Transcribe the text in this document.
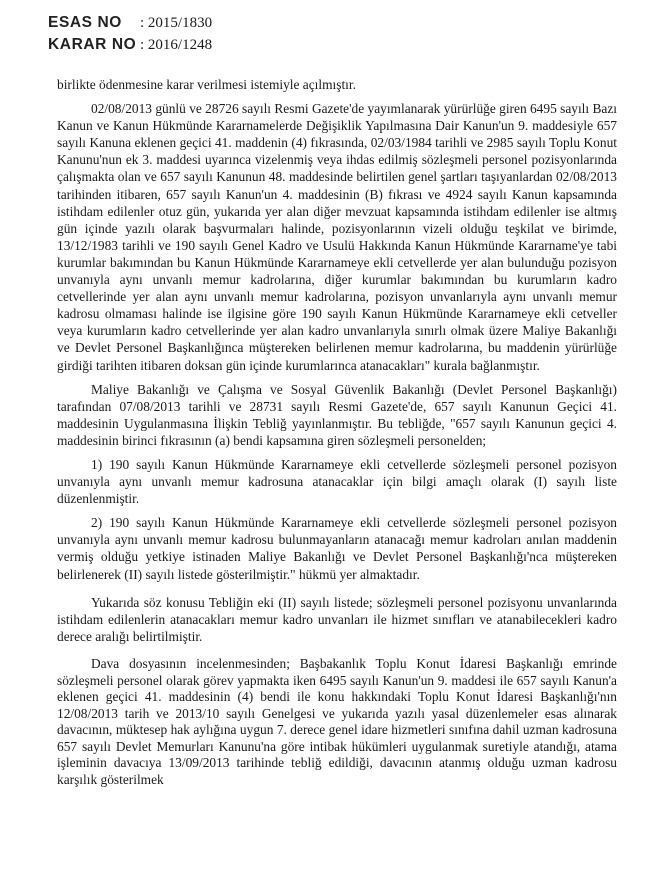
ESAS NO	: 2015/1830
KARAR NO : 2016/1248

birlikte ödenmesine karar verilmesi istemiyle açılmıştır.

02/08/2013 günlü ve 28726 sayılı Resmi Gazete'de yayımlanarak yürürlüğe giren 6495 sayılı Bazı Kanun ve Kanun Hükmünde Kararnamelerde Değişiklik Yapılmasına Dair Kanun'un 9. maddesiyle 657 sayılı Kanuna eklenen geçici 41. maddenin (4) fıkrasında, 02/03/1984 tarihli ve 2985 sayılı Toplu Konut Kanunu'nun ek 3. maddesi uyarınca vizelenmiş veya ihdas edilmiş sözleşmeli personel pozisyonlarında çalışmakta olan ve 657 sayılı Kanunun 48. maddesinde belirtilen genel şartları taşıyanlardan 02/08/2013 tarihinden itibaren, 657 sayılı Kanun'un 4. maddesinin (B) fıkrası ve 4924 sayılı Kanun kapsamında istihdam edilenler otuz gün, yukarıda yer alan diğer mevzuat kapsamında istihdam edilenler ise altmış gün içinde yazılı olarak başvurmaları halinde, pozisyonlarının vizeli olduğu teşkilat ve birimde, 13/12/1983 tarihli ve 190 sayılı Genel Kadro ve Usulü Hakkında Kanun Hükmünde Kararname'ye tabi kurumlar bakımından bu Kanun Hükmünde Kararnameye ekli cetvellerde yer alan bulunduğu pozisyon unvanıyla aynı unvanlı memur kadrolarına, diğer kurumlar bakımından bu kurumların kadro cetvellerinde yer alan aynı unvanlı memur kadrolarına, pozisyon unvanlarıyla aynı unvanlı memur kadrosu olmaması halinde ise ilgisine göre 190 sayılı Kanun Hükmünde Kararnameye ekli cetveller veya kurumların kadro cetvellerinde yer alan kadro unvanlarıyla sınırlı olmak üzere Maliye Bakanlığı ve Devlet Personel Başkanlığınca müştereken belirlenen memur kadrolarına, bu maddenin yürürlüğe girdiği tarihten itibaren doksan gün içinde kurumlarınca atanacakları" kurala bağlanmıştır.

Maliye Bakanlığı ve Çalışma ve Sosyal Güvenlik Bakanlığı (Devlet Personel Başkanlığı) tarafından 07/08/2013 tarihli ve 28731 sayılı Resmi Gazete'de, 657 sayılı Kanunun Geçici 41. maddesinin Uygulanmasına İlişkin Tebliğ yayınlanmıştır. Bu tebliğde, "657 sayılı Kanunun geçici 4. maddesinin birinci fıkrasının (a) bendi kapsamına giren sözleşmeli personelden;

1) 190 sayılı Kanun Hükmünde Kararnameye ekli cetvellerde sözleşmeli personel pozisyon unvanıyla aynı unvanlı memur kadrosuna atanacaklar için bilgi amaçlı olarak (I) sayılı liste düzenlenmiştir.

2) 190 sayılı Kanun Hükmünde Kararnameye ekli cetvellerde sözleşmeli personel pozisyon unvanıyla aynı unvanlı memur kadrosu bulunmayanların atanacağı memur kadroları anılan maddenin vermiş olduğu yetkiye istinaden Maliye Bakanlığı ve Devlet Personel Başkanlığı'nca müştereken belirlenerek (II) sayılı listede gösterilmiştir." hükmü yer almaktadır.

Yukarıda söz konusu Tebliğin eki (II) sayılı listede; sözleşmeli personel pozisyonu unvanlarında istihdam edilenlerin atanacakları memur kadro unvanları ile hizmet sınıfları ve atanabilecekleri kadro derece aralığı belirtilmiştir.

Dava dosyasının incelenmesinden; Başbakanlık Toplu Konut İdaresi Başkanlığı emrinde sözleşmeli personel olarak görev yapmakta iken 6495 sayılı Kanun'un 9. maddesi ile 657 sayılı Kanun'a eklenen geçici 41. maddesinin (4) bendi ile konu hakkındaki Toplu Konut İdaresi Başkanlığı'nın 12/08/2013 tarih ve 2013/10 sayılı Genelgesi ve yukarıda yazılı yasal düzenlemeler esas alınarak davacının, müktesep hak aylığına uygun 7. derece genel idare hizmetleri sınıfına dahil uzman kadrosuna 657 sayılı Devlet Memurları Kanunu'na göre intibak hükümleri uygulanmak suretiyle atandığı, atama işleminin davacıya 13/09/2013 tarihinde tebliğ edildiği, davacının atanmış olduğu uzman kadrosu karşılık gösterilmek
